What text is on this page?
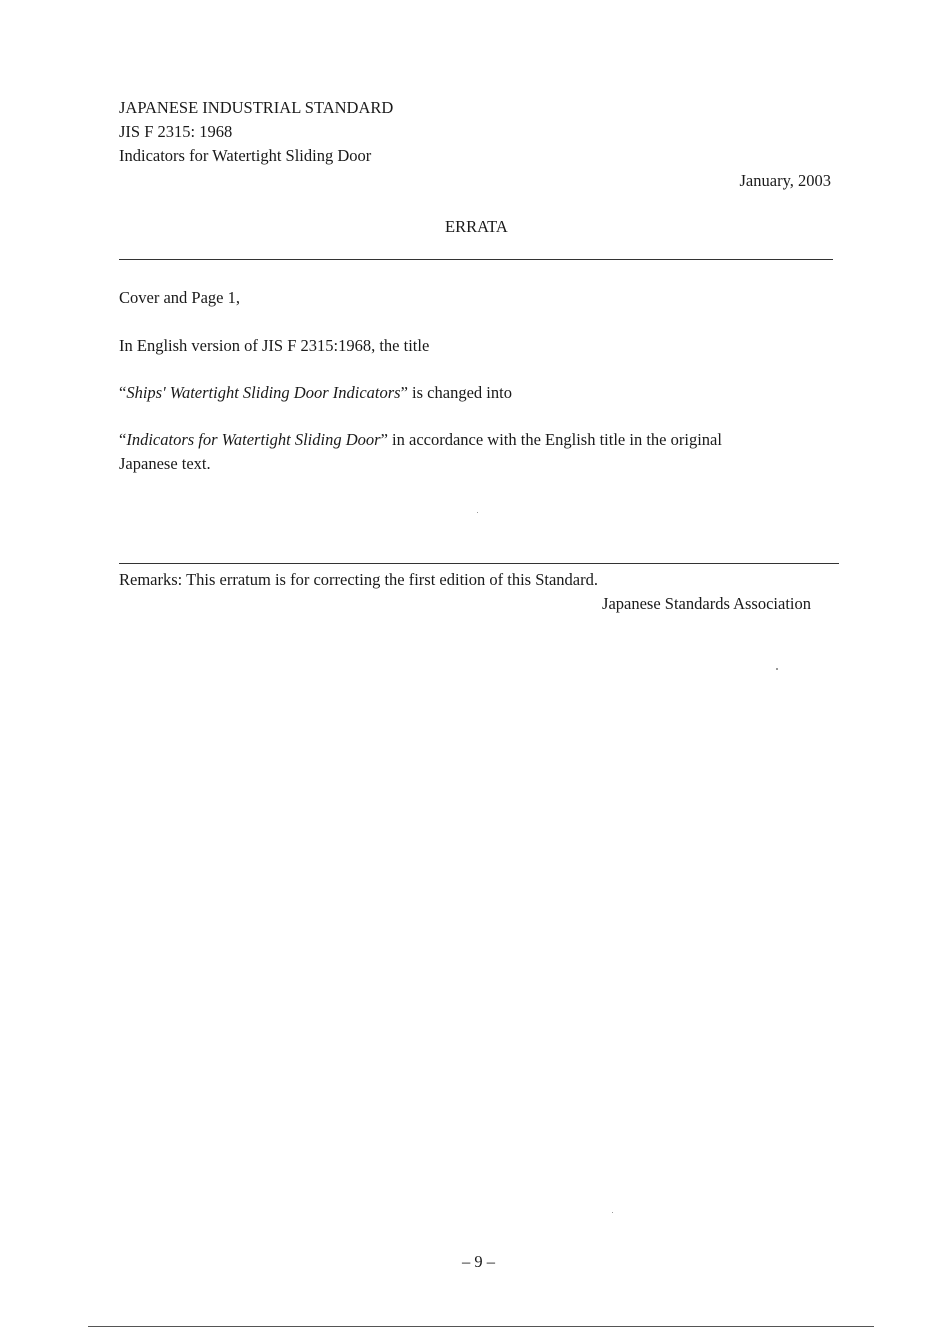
JAPANESE INDUSTRIAL STANDARD
JIS F 2315: 1968
Indicators for Watertight Sliding Door
January, 2003
ERRATA
Cover and Page 1,
In English version of JIS F 2315:1968, the title
“Ships' Watertight Sliding Door Indicators” is changed into
“Indicators for Watertight Sliding Door” in accordance with the English title in the original
Japanese text.
Remarks: This erratum is for correcting the first edition of this Standard.
Japanese Standards Association
– 9 –
